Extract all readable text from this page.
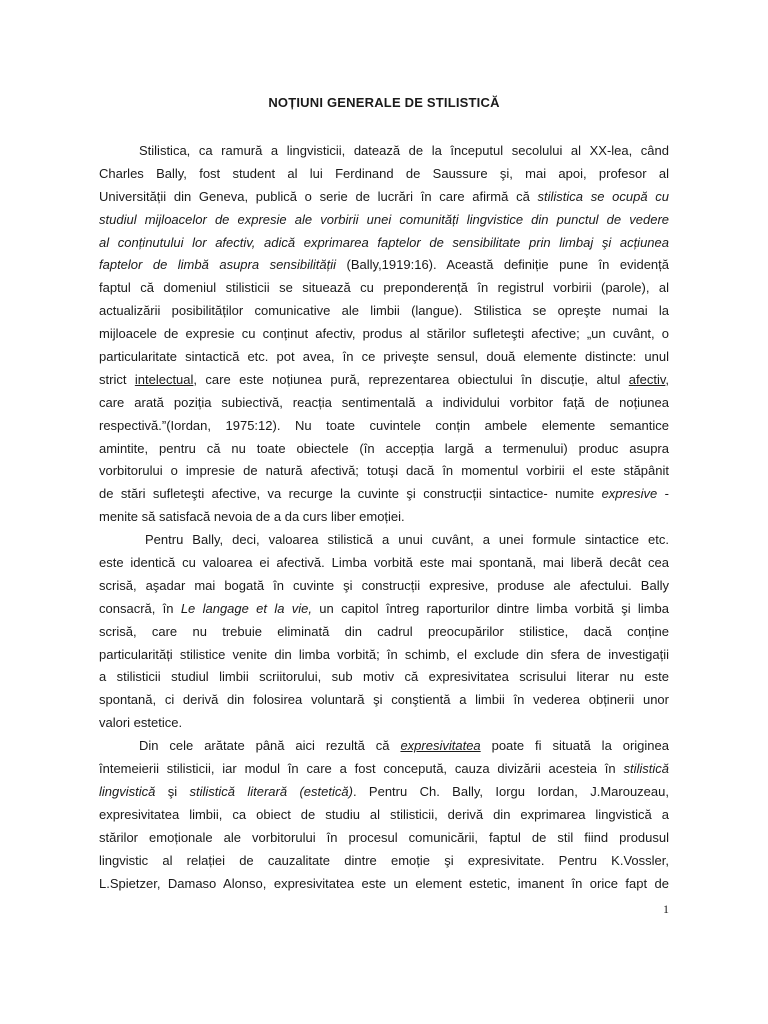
NOȚIUNI GENERALE DE STILISTICĂ
Stilistica, ca ramură a lingvisticii, datează de la începutul secolului al XX-lea, când
Charles Bally, fost student al lui Ferdinand de Saussure şi, mai apoi, profesor al
Universității din Geneva, publică o serie de lucrări în care afirmă că stilistica se ocupă cu
studiul mijloacelor de expresie ale vorbirii unei comunități lingvistice din punctul de vedere
al conținutului lor afectiv, adică exprimarea faptelor de sensibilitate prin limbaj şi acțiunea
faptelor de limbă asupra sensibilității (Bally,1919:16). Această definiție pune în evidență
faptul că domeniul stilisticii se situează cu preponderență în registrul vorbirii (parole), al
actualizării posibilităților comunicative ale limbii (langue). Stilistica se opreşte numai la
mijloacele de expresie cu conținut afectiv, produs al stărilor sufleteşti afective; „un cuvânt, o
particularitate sintactică etc. pot avea, în ce priveşte sensul, două elemente distincte: unul
strict intelectual, care este noțiunea pură, reprezentarea obiectului în discuție, altul afectiv,
care arată poziția subiectivă, reacția sentimentală a individului vorbitor față de noțiunea
respectivă.”(Iordan, 1975:12). Nu toate cuvintele conțin ambele elemente semantice
amintite, pentru că nu toate obiectele (în accepția largă a termenului) produc asupra
vorbitorului o impresie de natură afectivă; totuşi dacă în momentul vorbirii el este stăpânit
de stări sufleteşti afective, va recurge la cuvinte şi construcții sintactice- numite expresive -
menite să satisfacă nevoia de a da curs liber emoției.
Pentru Bally, deci, valoarea stilistică a unui cuvânt, a unei formule sintactice etc.
este identică cu valoarea ei afectivă. Limba vorbită este mai spontană, mai liberă decât cea
scrisă, aşadar mai bogată în cuvinte şi construcții expresive, produse ale afectului. Bally
consacră, în Le langage et la vie, un capitol întreg raporturilor dintre limba vorbită şi limba
scrisă, care nu trebuie eliminată din cadrul preocupărilor stilistice, dacă conține
particularități stilistice venite din limba vorbită; în schimb, el exclude din sfera de investigații
a stilisticii studiul limbii scriitorului, sub motiv că expresivitatea scrisului literar nu este
spontană, ci derivă din folosirea voluntară şi conştientă a limbii în vederea obținerii unor
valori estetice.
Din cele arătate până aici rezultă că expresivitatea poate fi situată la originea
întemeierii stilisticii, iar modul în care a fost concepută, cauza divizării acesteia în stilistică
lingvistică şi stilistică literară (estetică). Pentru Ch. Bally, Iorgu Iordan, J.Marouzeau,
expresivitatea limbii, ca obiect de studiu al stilisticii, derivă din exprimarea lingvistică a
stărilor emoționale ale vorbitorului în procesul comunicării, faptul de stil fiind produsul
lingvistic al relației de cauzalitate dintre emoție şi expresivitate. Pentru K.Vossler,
L.Spietzer, Damaso Alonso, expresivitatea este un element estetic, imanent în orice fapt de
1
